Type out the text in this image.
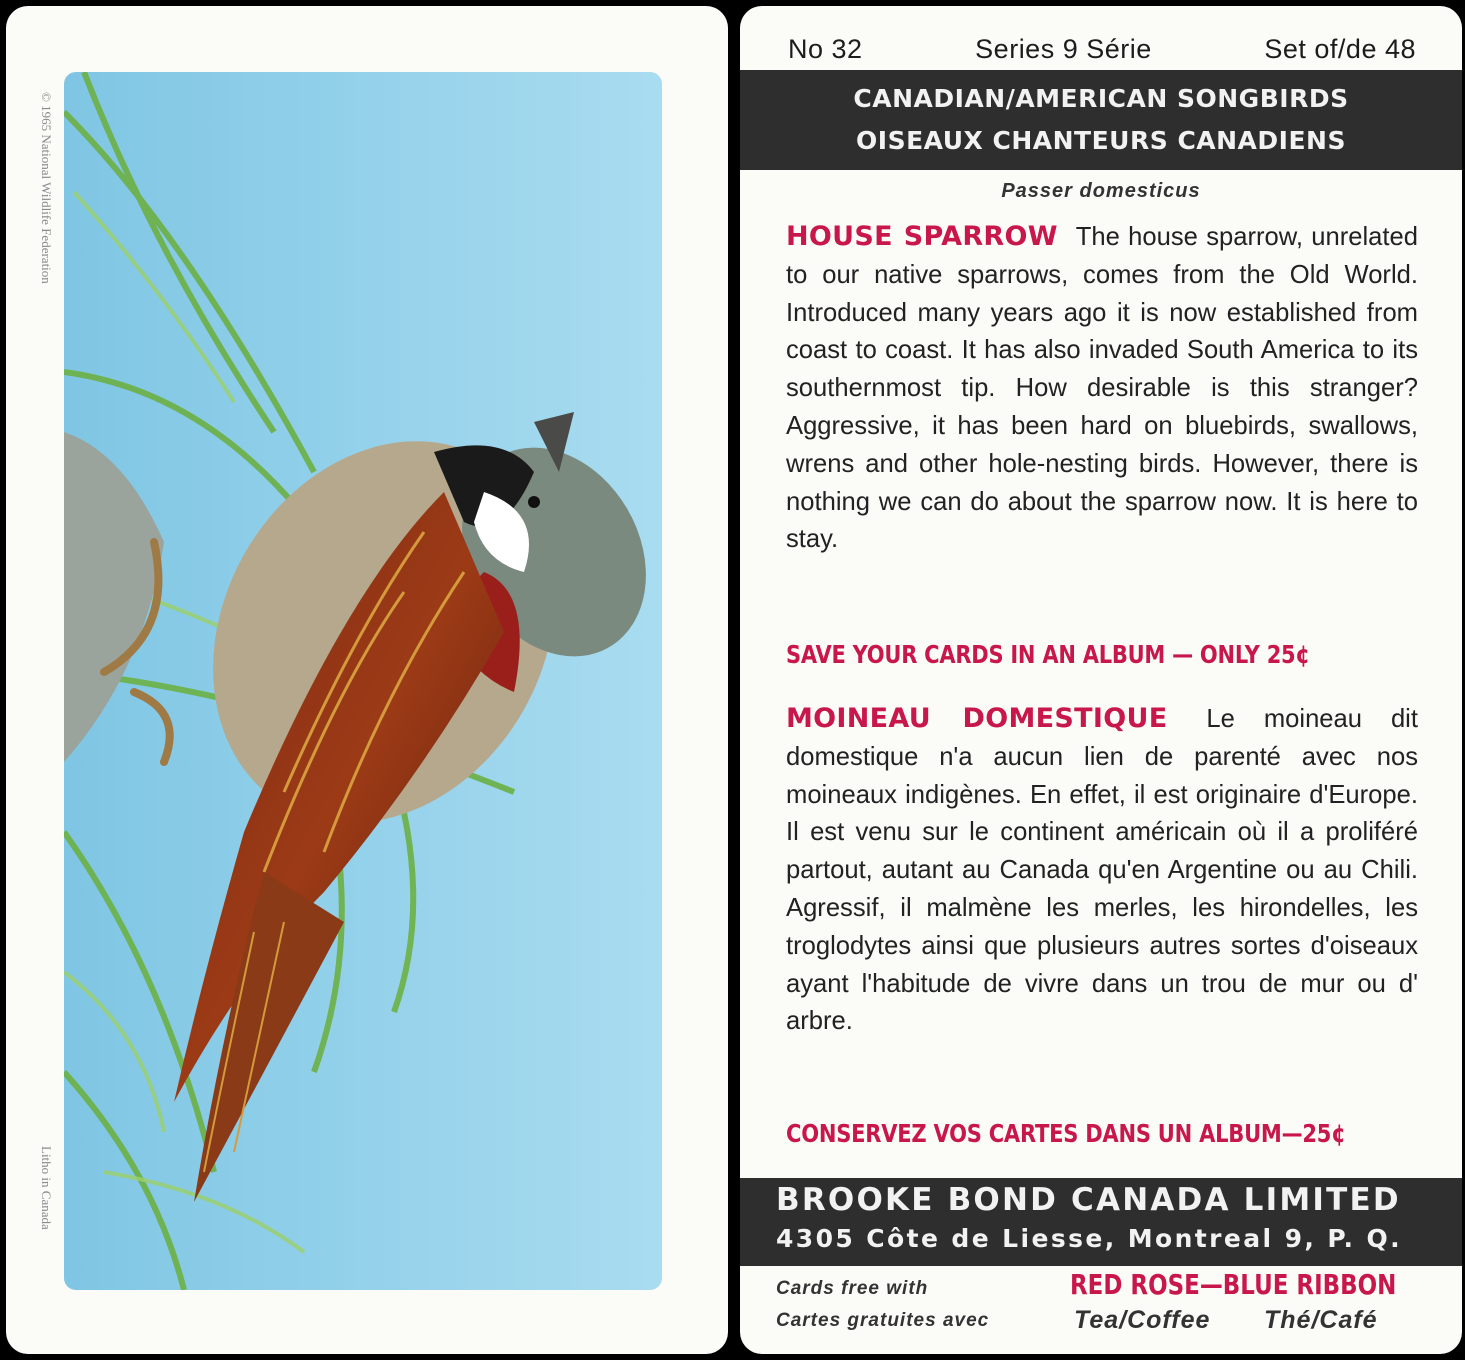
© 1965 National Wildlife Federation
Litho in Canada
No 32	Series 9 Série	Set of/de 48
CANADIAN/AMERICAN SONGBIRDS
OISEAUX CHANTEURS CANADIENS
Passer domesticus
HOUSE SPARROW The house sparrow, unrelated to our native sparrows, comes from the Old World. Introduced many years ago it is now established from coast to coast. It has also invaded South America to its southernmost tip. How desirable is this stranger? Aggressive, it has been hard on bluebirds, swallows, wrens and other hole-nesting birds. However, there is nothing we can do about the sparrow now. It is here to stay.
SAVE YOUR CARDS IN AN ALBUM — ONLY 25¢
MOINEAU DOMESTIQUE Le moineau dit domestique n'a aucun lien de parenté avec nos moineaux indigènes. En effet, il est originaire d'Europe. Il est venu sur le continent américain où il a proliféré partout, autant au Canada qu'en Argentine ou au Chili. Agressif, il malmène les merles, les hirondelles, les troglodytes ainsi que plusieurs autres sortes d'oiseaux ayant l'habitude de vivre dans un trou de mur ou d' arbre.
CONSERVEZ VOS CARTES DANS UN ALBUM—25¢
BROOKE BOND CANADA LIMITED
4305 Côte de Liesse, Montreal 9, P. Q.
Cards free with
Cartes gratuites avec
RED ROSE—BLUE RIBBON
Tea/Coffee Thé/Café
